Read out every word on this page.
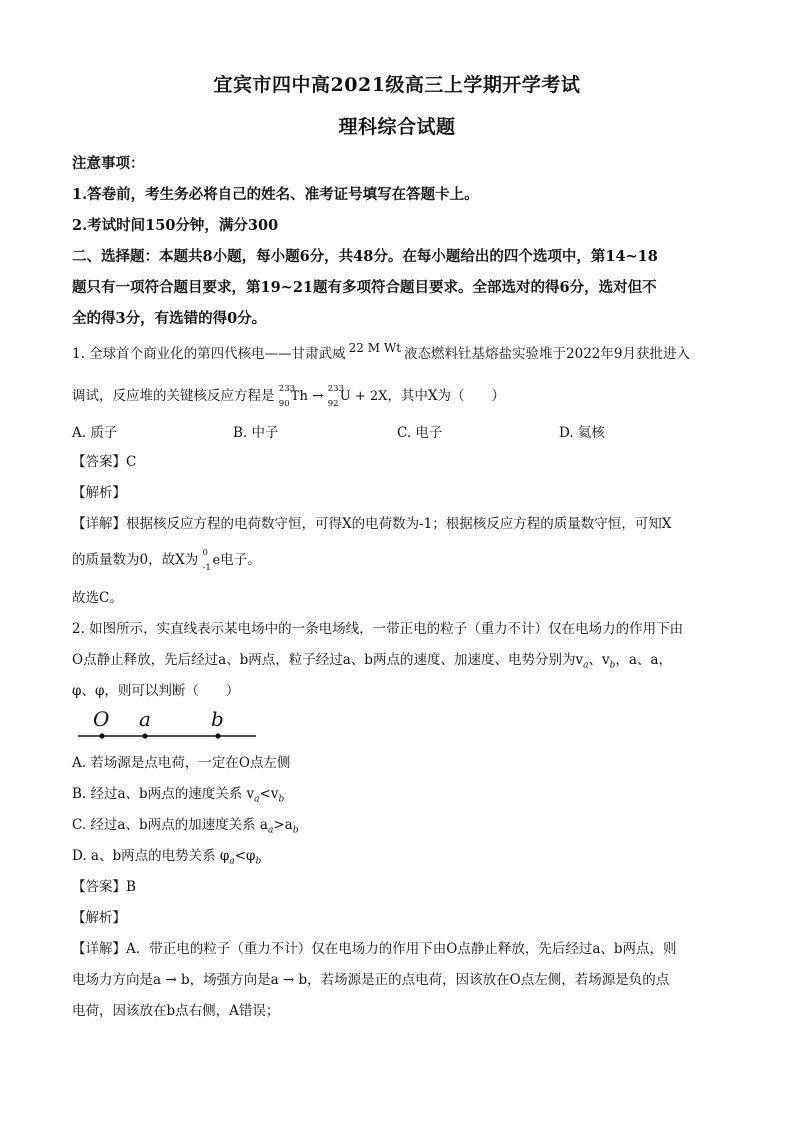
宜宾市四中高2021级高三上学期开学考试
理科综合试题
注意事项：
1.答卷前，考生务必将自己的姓名、准考证号填写在答题卡上。
2.考试时间150分钟，满分300
二、选择题：本题共8小题，每小题6分，共48分。在每小题给出的四个选项中，第14~18
题只有一项符合题目要求，第19~21题有多项符合题目要求。全部选对的得6分，选对但不
全的得3分，有选错的得0分。
1. 全球首个商业化的第四代核电——甘肃武威 22 M Wt 液态燃料钍基熔盐实验堆于2022年9月获批进入
调试，反应堆的关键核反应方程是 233
90 Th → 233
92 U + 2X，其中X为（　　）
A. 质子	B. 中子	C. 电子	D. 氦核
【答案】C
【解析】
【详解】根据核反应方程的电荷数守恒，可得X的电荷数为-1；根据核反应方程的质量数守恒，可知X
的质量数为0，故X为 0
-1 e电子。
故选C。
2. 如图所示，实直线表示某电场中的一条电场线，一带正电的粒子（重力不计）仅在电场力的作用下由
O点静止释放，先后经过a、b两点，粒子经过a、b两点的速度、加速度、电势分别为$v_a$、$v_b$，a、a，
φ、φ，则可以判断（　　）
O a	b
A. 若场源是点电荷，一定在O点左侧
B. 经过a、b两点的速度关系 $v_a<v_b$
C. 经过a、b两点的加速度关系 $a_a>a_b$
D. a、b两点的电势关系 $\varphi_a<\varphi_b$
【答案】B
【解析】
【详解】A．带正电的粒子（重力不计）仅在电场力的作用下由O点静止释放，先后经过a、b两点，则
电场力方向是a → b，场强方向是a → b，若场源是正的点电荷，因该放在O点左侧，若场源是负的点
电荷，因该放在b点右侧，A错误；
